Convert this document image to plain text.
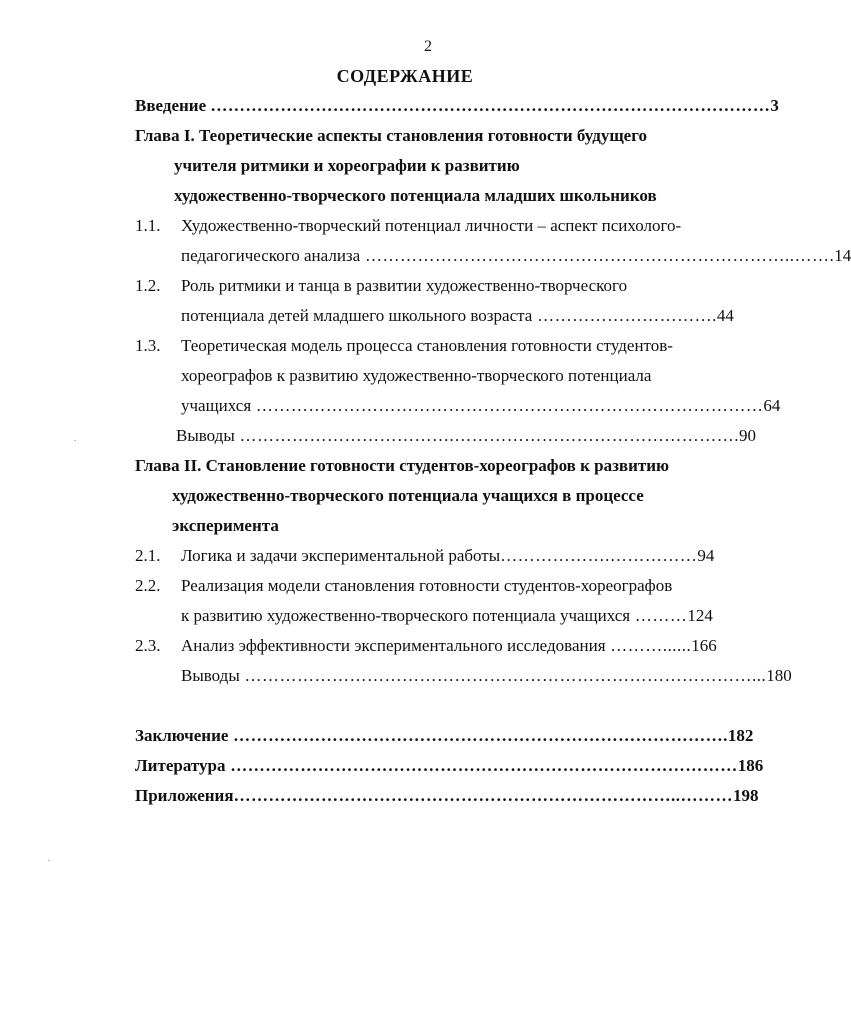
2
СОДЕРЖАНИЕ
Введение ……………………………………………………………………………………3
Глава I. Теоретические аспекты становления готовности будущего
учителя ритмики и хореографии к развитию
художественно-творческого потенциала младших школьников
1.1. Художественно-творческий потенциал личности – аспект психолого-
педагогического анализа ………………………………………………………………..…….14
1.2. Роль ритмики и танца в развитии художественно-творческого
потенциала детей младшего школьного возраста ………………………….44
1.3. Теоретическая модель процесса становления готовности студентов-
хореографов к развитию художественно-творческого потенциала
учащихся ……………………………………………………………………………64
Выводы ……………………………….………………………………………….90
Глава II. Становление готовности студентов-хореографов к развитию
художественно-творческого потенциала учащихся в процессе
эксперимента
2.1. Логика и задачи экспериментальной работы……………….……………94
2.2. Реализация модели становления готовности студентов-хореографов
к развитию художественно-творческого потенциала учащихся ………124
2.3. Анализ эффективности экспериментального исследования ………......166
Выводы ……………………………………………………………………………...180
Заключение ………………………………………………………………………….182
Литература ……………………………………………………………………………186
Приложения…………………………………………………………………..………198
